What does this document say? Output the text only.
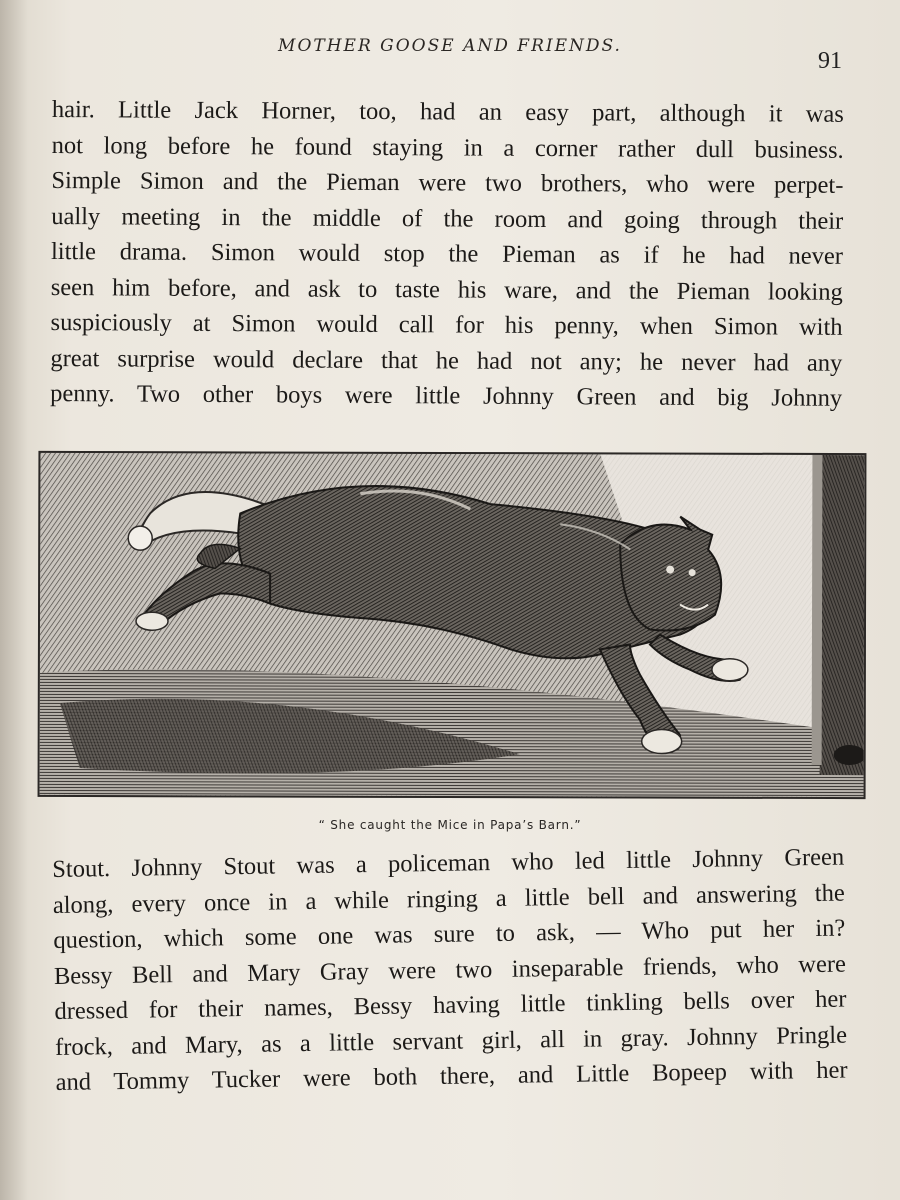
MOTHER GOOSE AND FRIENDS.
91
hair. Little Jack Horner, too, had an easy part, although it was
not long before he found staying in a corner rather dull business.
Simple Simon and the Pieman were two brothers, who were perpet-
ually meeting in the middle of the room and going through their
little drama. Simon would stop the Pieman as if he had never
seen him before, and ask to taste his ware, and the Pieman looking
suspiciously at Simon would call for his penny, when Simon with
great surprise would declare that he had not any; he never had any
penny. Two other boys were little Johnny Green and big Johnny
“ She caught the Mice in Papa’s Barn.”
Stout. Johnny Stout was a policeman who led little Johnny Green
along, every once in a while ringing a little bell and answering the
question, which some one was sure to ask, — Who put her in?
Bessy Bell and Mary Gray were two inseparable friends, who were
dressed for their names, Bessy having little tinkling bells over her
frock, and Mary, as a little servant girl, all in gray. Johnny Pringle
and Tommy Tucker were both there, and Little Bopeep with her
